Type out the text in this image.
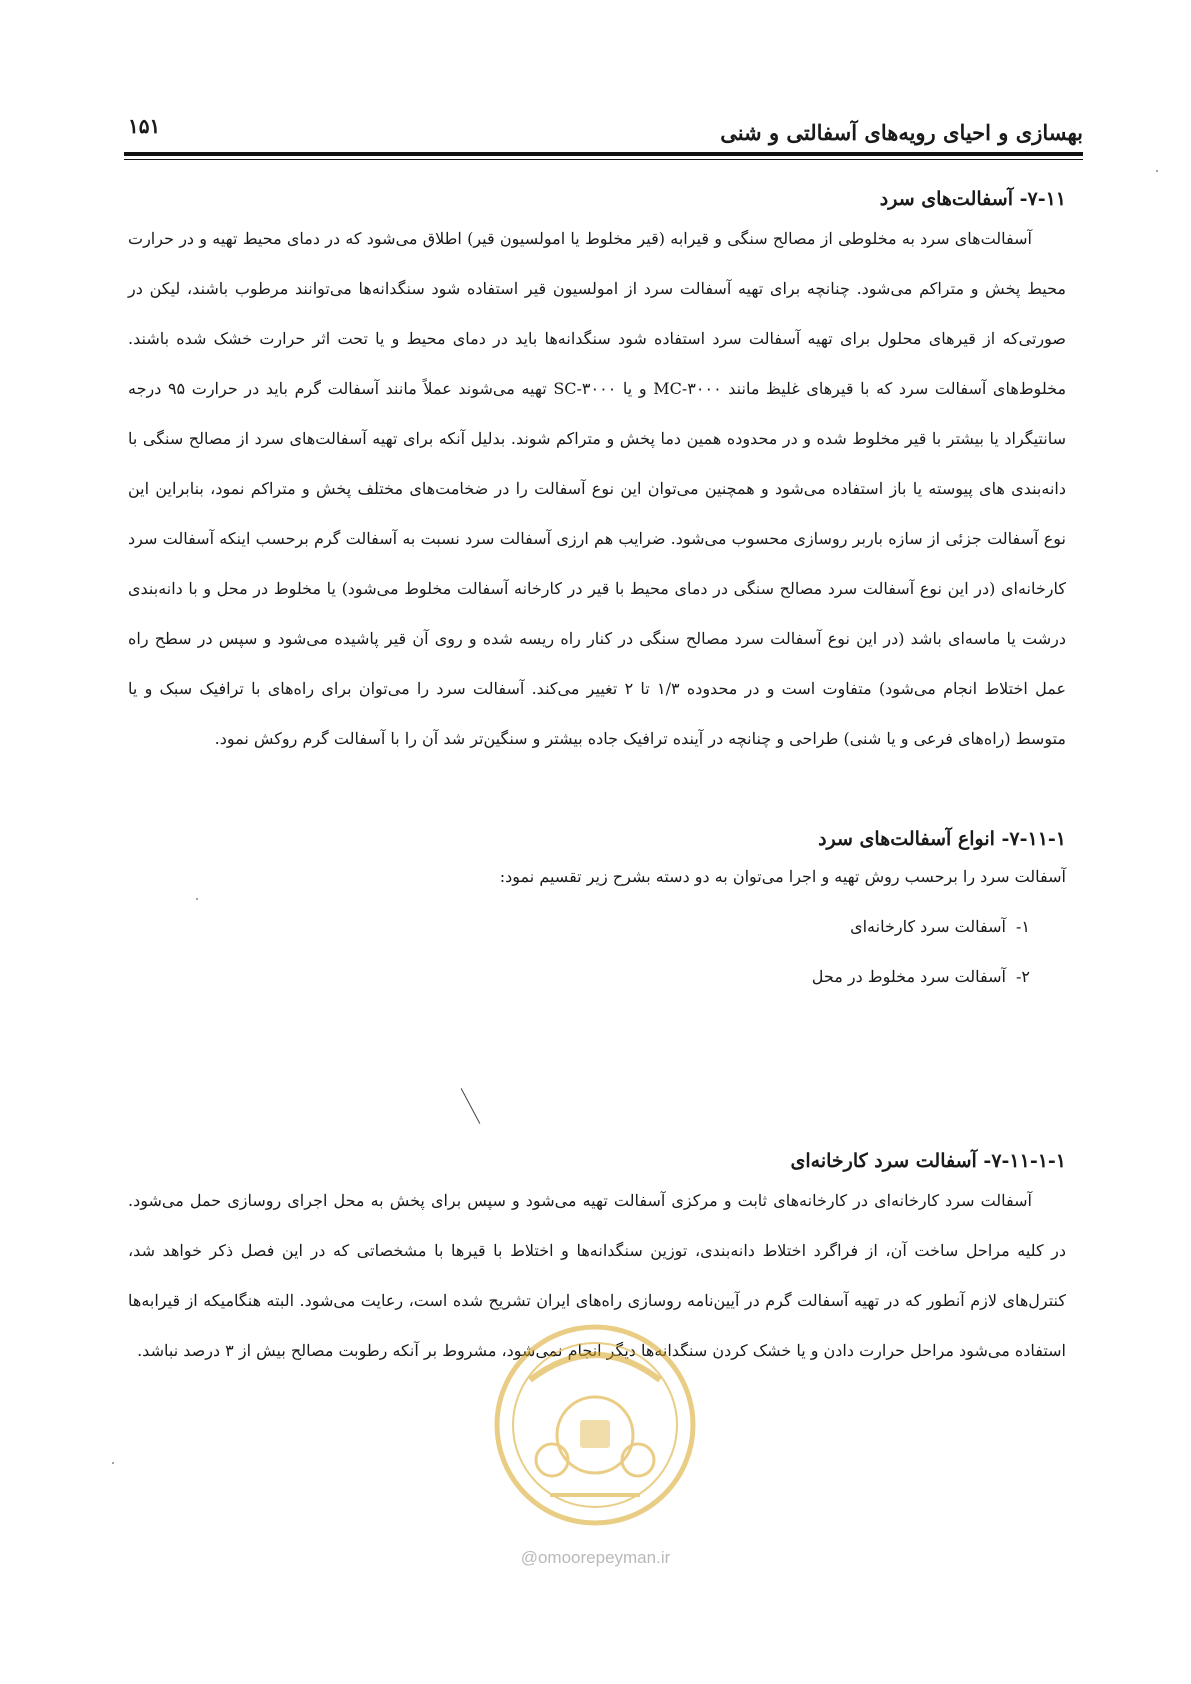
بهسازی و احیای رویه‌های آسفالتی و شنی
۱۵۱
۷-۱۱- آسفالت‌های سرد

آسفالت‌های سرد به مخلوطی از مصالح سنگی و قیرابه (قیر مخلوط یا امولسیون قیر) اطلاق می‌شود که در دمای محیط تهیه و در حرارت محیط پخش و متراکم می‌شود. چنانچه برای تهیه آسفالت سرد از امولسیون قیر استفاده شود سنگدانه‌ها می‌توانند مرطوب باشند، لیکن در صورتی‌که از قیرهای محلول برای تهیه آسفالت سرد استفاده شود سنگدانه‌ها باید در دمای محیط و یا تحت اثر حرارت خشک شده باشند. مخلوط‌های آسفالت سرد که با قیرهای غلیظ مانند MC-۳۰۰۰ و یا SC-۳۰۰۰ تهیه می‌شوند عملاً مانند آسفالت گرم باید در حرارت ۹۵ درجه سانتیگراد یا بیشتر با قیر مخلوط شده و در محدوده همین دما پخش و متراکم شوند. بدلیل آنکه برای تهیه آسفالت‌های سرد از مصالح سنگی با دانه‌بندی های پیوسته یا باز استفاده می‌شود و همچنین می‌توان این نوع آسفالت را در ضخامت‌های مختلف پخش و متراکم نمود، بنابراین این نوع آسفالت جزئی از سازه باربر روسازی محسوب می‌شود. ضرایب هم ارزی آسفالت سرد نسبت به آسفالت گرم برحسب اینکه آسفالت سرد کارخانه‌ای (در این نوع آسفالت سرد مصالح سنگی در دمای محیط با قیر در کارخانه آسفالت مخلوط می‌شود) یا مخلوط در محل و با دانه‌بندی درشت یا ماسه‌ای باشد (در این نوع آسفالت سرد مصالح سنگی در کنار راه ریسه شده و روی آن قیر پاشیده می‌شود و سپس در سطح راه عمل اختلاط انجام می‌شود) متفاوت است و در محدوده ۱/۳ تا ۲ تغییر می‌کند. آسفالت سرد را می‌توان برای راه‌های با ترافیک سبک و یا متوسط (راه‌های فرعی و یا شنی) طراحی و چنانچه در آینده ترافیک جاده بیشتر و سنگین‌تر شد آن را با آسفالت گرم روکش نمود.

۷-۱۱-۱- انواع آسفالت‌های سرد

آسفالت سرد را برحسب روش تهیه و اجرا می‌توان به دو دسته بشرح زیر تقسیم نمود:

۱-آسفالت سرد کارخانه‌ای
۲-آسفالت سرد مخلوط در محل
۷-۱۱-۱-۱- آسفالت سرد کارخانه‌ای

آسفالت سرد کارخانه‌ای در کارخانه‌های ثابت و مرکزی آسفالت تهیه می‌شود و سپس برای پخش به محل اجرای روسازی حمل می‌شود. در کلیه مراحل ساخت آن، از فراگرد اختلاط دانه‌بندی، توزین سنگدانه‌ها و اختلاط با قیرها با مشخصاتی که در این فصل ذکر خواهد شد، کنترل‌های لازم آنطور که در تهیه آسفالت گرم در آیین‌نامه روسازی راه‌های ایران تشریح شده است، رعایت می‌شود. البته هنگامیکه از قیرابه‌ها استفاده می‌شود مراحل حرارت دادن و یا خشک کردن سنگدانه‌ها دیگر انجام نمی‌شود، مشروط بر آنکه رطوبت مصالح بیش از ۳ درصد نباشد.

@omoorepeyman.ir
